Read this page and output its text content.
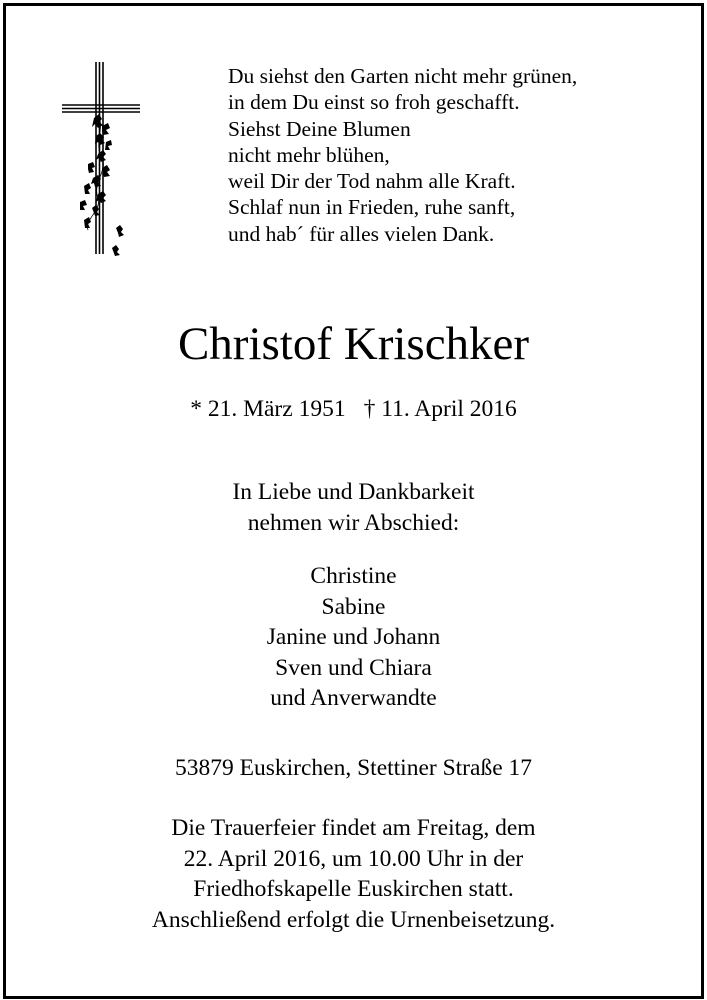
Du siehst den Garten nicht mehr grünen,
in dem Du einst so froh geschafft.
Siehst Deine Blumen
nicht mehr blühen,
weil Dir der Tod nahm alle Kraft.
Schlaf nun in Frieden, ruhe sanft,
und hab´ für alles vielen Dank.
Christof Krischker
* 21. März 1951 † 11. April 2016
In Liebe und Dankbarkeit
nehmen wir Abschied:
Christine
Sabine
Janine und Johann
Sven und Chiara
und Anverwandte
53879 Euskirchen, Stettiner Straße 17
Die Trauerfeier findet am Freitag, dem
22. April 2016, um 10.00 Uhr in der
Friedhofskapelle Euskirchen statt.
Anschließend erfolgt die Urnenbeisetzung.
